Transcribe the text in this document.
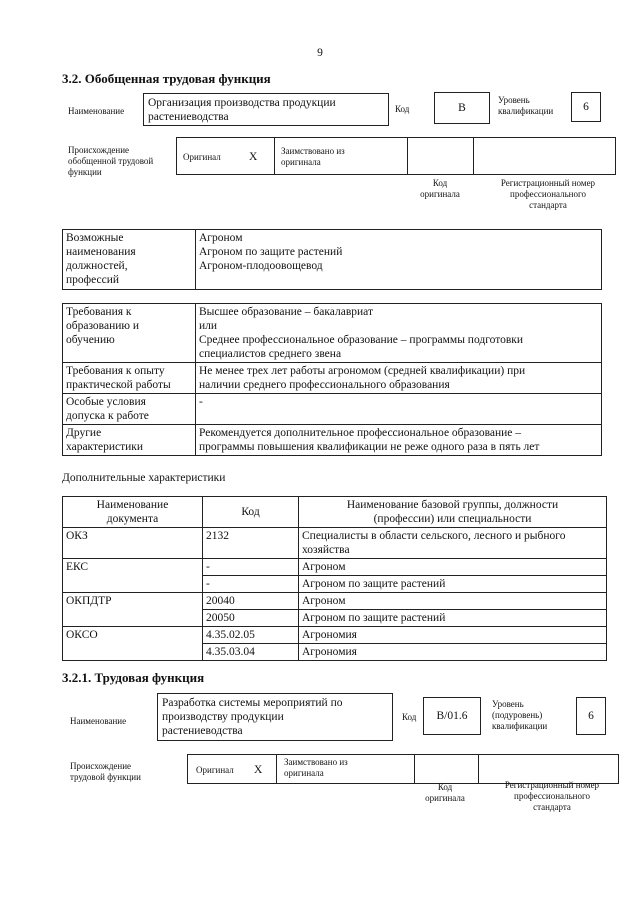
9
3.2. Обобщенная трудовая функция
Наименование
Организация производства продукции
растениеводства
Код	B
Уровень
квалификации	6
Происхождение
обобщенной трудовой
функции
Оригинал X	Заимствовано из
оригинала
Код
оригинала
Регистрационный номер
профессионального
стандарта
Возможные
наименования
должностей,
профессий	Агроном
Агроном по защите растений
Агроном-плодоовощевод
Требования к
образованию и
обучению	Высшее образование – бакалавриат
или
Среднее профессиональное образование – программы подготовки
специалистов среднего звена
Требования к опыту
практической работы	Не менее трех лет работы агрономом (средней квалификации) при
наличии среднего профессионального образования
Особые условия
допуска к работе	-
Другие
характеристики	Рекомендуется дополнительное профессиональное образование –
программы повышения квалификации не реже одного раза в пять лет
Дополнительные характеристики
Наименование
документа	Код	Наименование базовой группы, должности
(профессии) или специальности
ОКЗ	2132	Специалисты в области сельского, лесного и рыбного
хозяйства
ЕКС	-	Агроном
	-	Агроном по защите растений
ОКПДТР	20040	Агроном
	20050	Агроном по защите растений
ОКСО	4.35.02.05	Агрономия
	4.35.03.04	Агрономия
3.2.1. Трудовая функция
Наименование
Разработка системы мероприятий по
производству продукции
растениеводства
Код	B/01.6
Уровень
(подуровень)
квалификации
6
Происхождение
трудовой функции
Оригинал X
Заимствовано из
оригинала
Код
оригинала
Регистрационный номер
профессионального
стандарта
